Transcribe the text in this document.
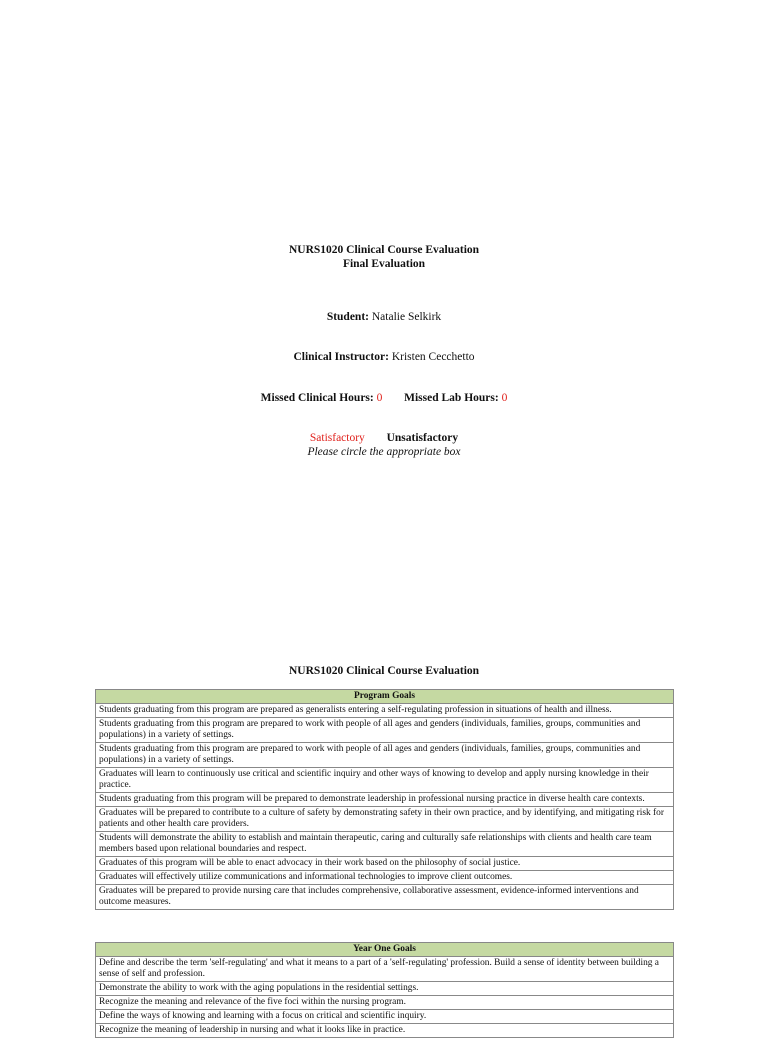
NURS1020 Clinical Course Evaluation
Final Evaluation
Student: Natalie Selkirk
Clinical Instructor: Kristen Cecchetto
Missed Clinical Hours: 0 Missed Lab Hours: 0
Satisfactory Unsatisfactory
Please circle the appropriate box
NURS1020 Clinical Course Evaluation
Program Goals
Students graduating from this program are prepared as generalists entering a self-regulating profession in situations of health and illness.
Students graduating from this program are prepared to work with people of all ages and genders (individuals, families, groups, communities and populations) in a variety of settings.
Students graduating from this program are prepared to work with people of all ages and genders (individuals, families, groups, communities and populations) in a variety of settings.
Graduates will learn to continuously use critical and scientific inquiry and other ways of knowing to develop and apply nursing knowledge in their practice.
Students graduating from this program will be prepared to demonstrate leadership in professional nursing practice in diverse health care contexts.
Graduates will be prepared to contribute to a culture of safety by demonstrating safety in their own practice, and by identifying, and mitigating risk for patients and other health care providers.
Students will demonstrate the ability to establish and maintain therapeutic, caring and culturally safe relationships with clients and health care team members based upon relational boundaries and respect.
Graduates of this program will be able to enact advocacy in their work based on the philosophy of social justice.
Graduates will effectively utilize communications and informational technologies to improve client outcomes.
Graduates will be prepared to provide nursing care that includes comprehensive, collaborative assessment, evidence-informed interventions and outcome measures.
Year One Goals
Define and describe the term 'self-regulating' and what it means to a part of a 'self-regulating' profession. Build a sense of identity between building a sense of self and profession.
Demonstrate the ability to work with the aging populations in the residential settings.
Recognize the meaning and relevance of the five foci within the nursing program.
Define the ways of knowing and learning with a focus on critical and scientific inquiry.
Recognize the meaning of leadership in nursing and what it looks like in practice.
